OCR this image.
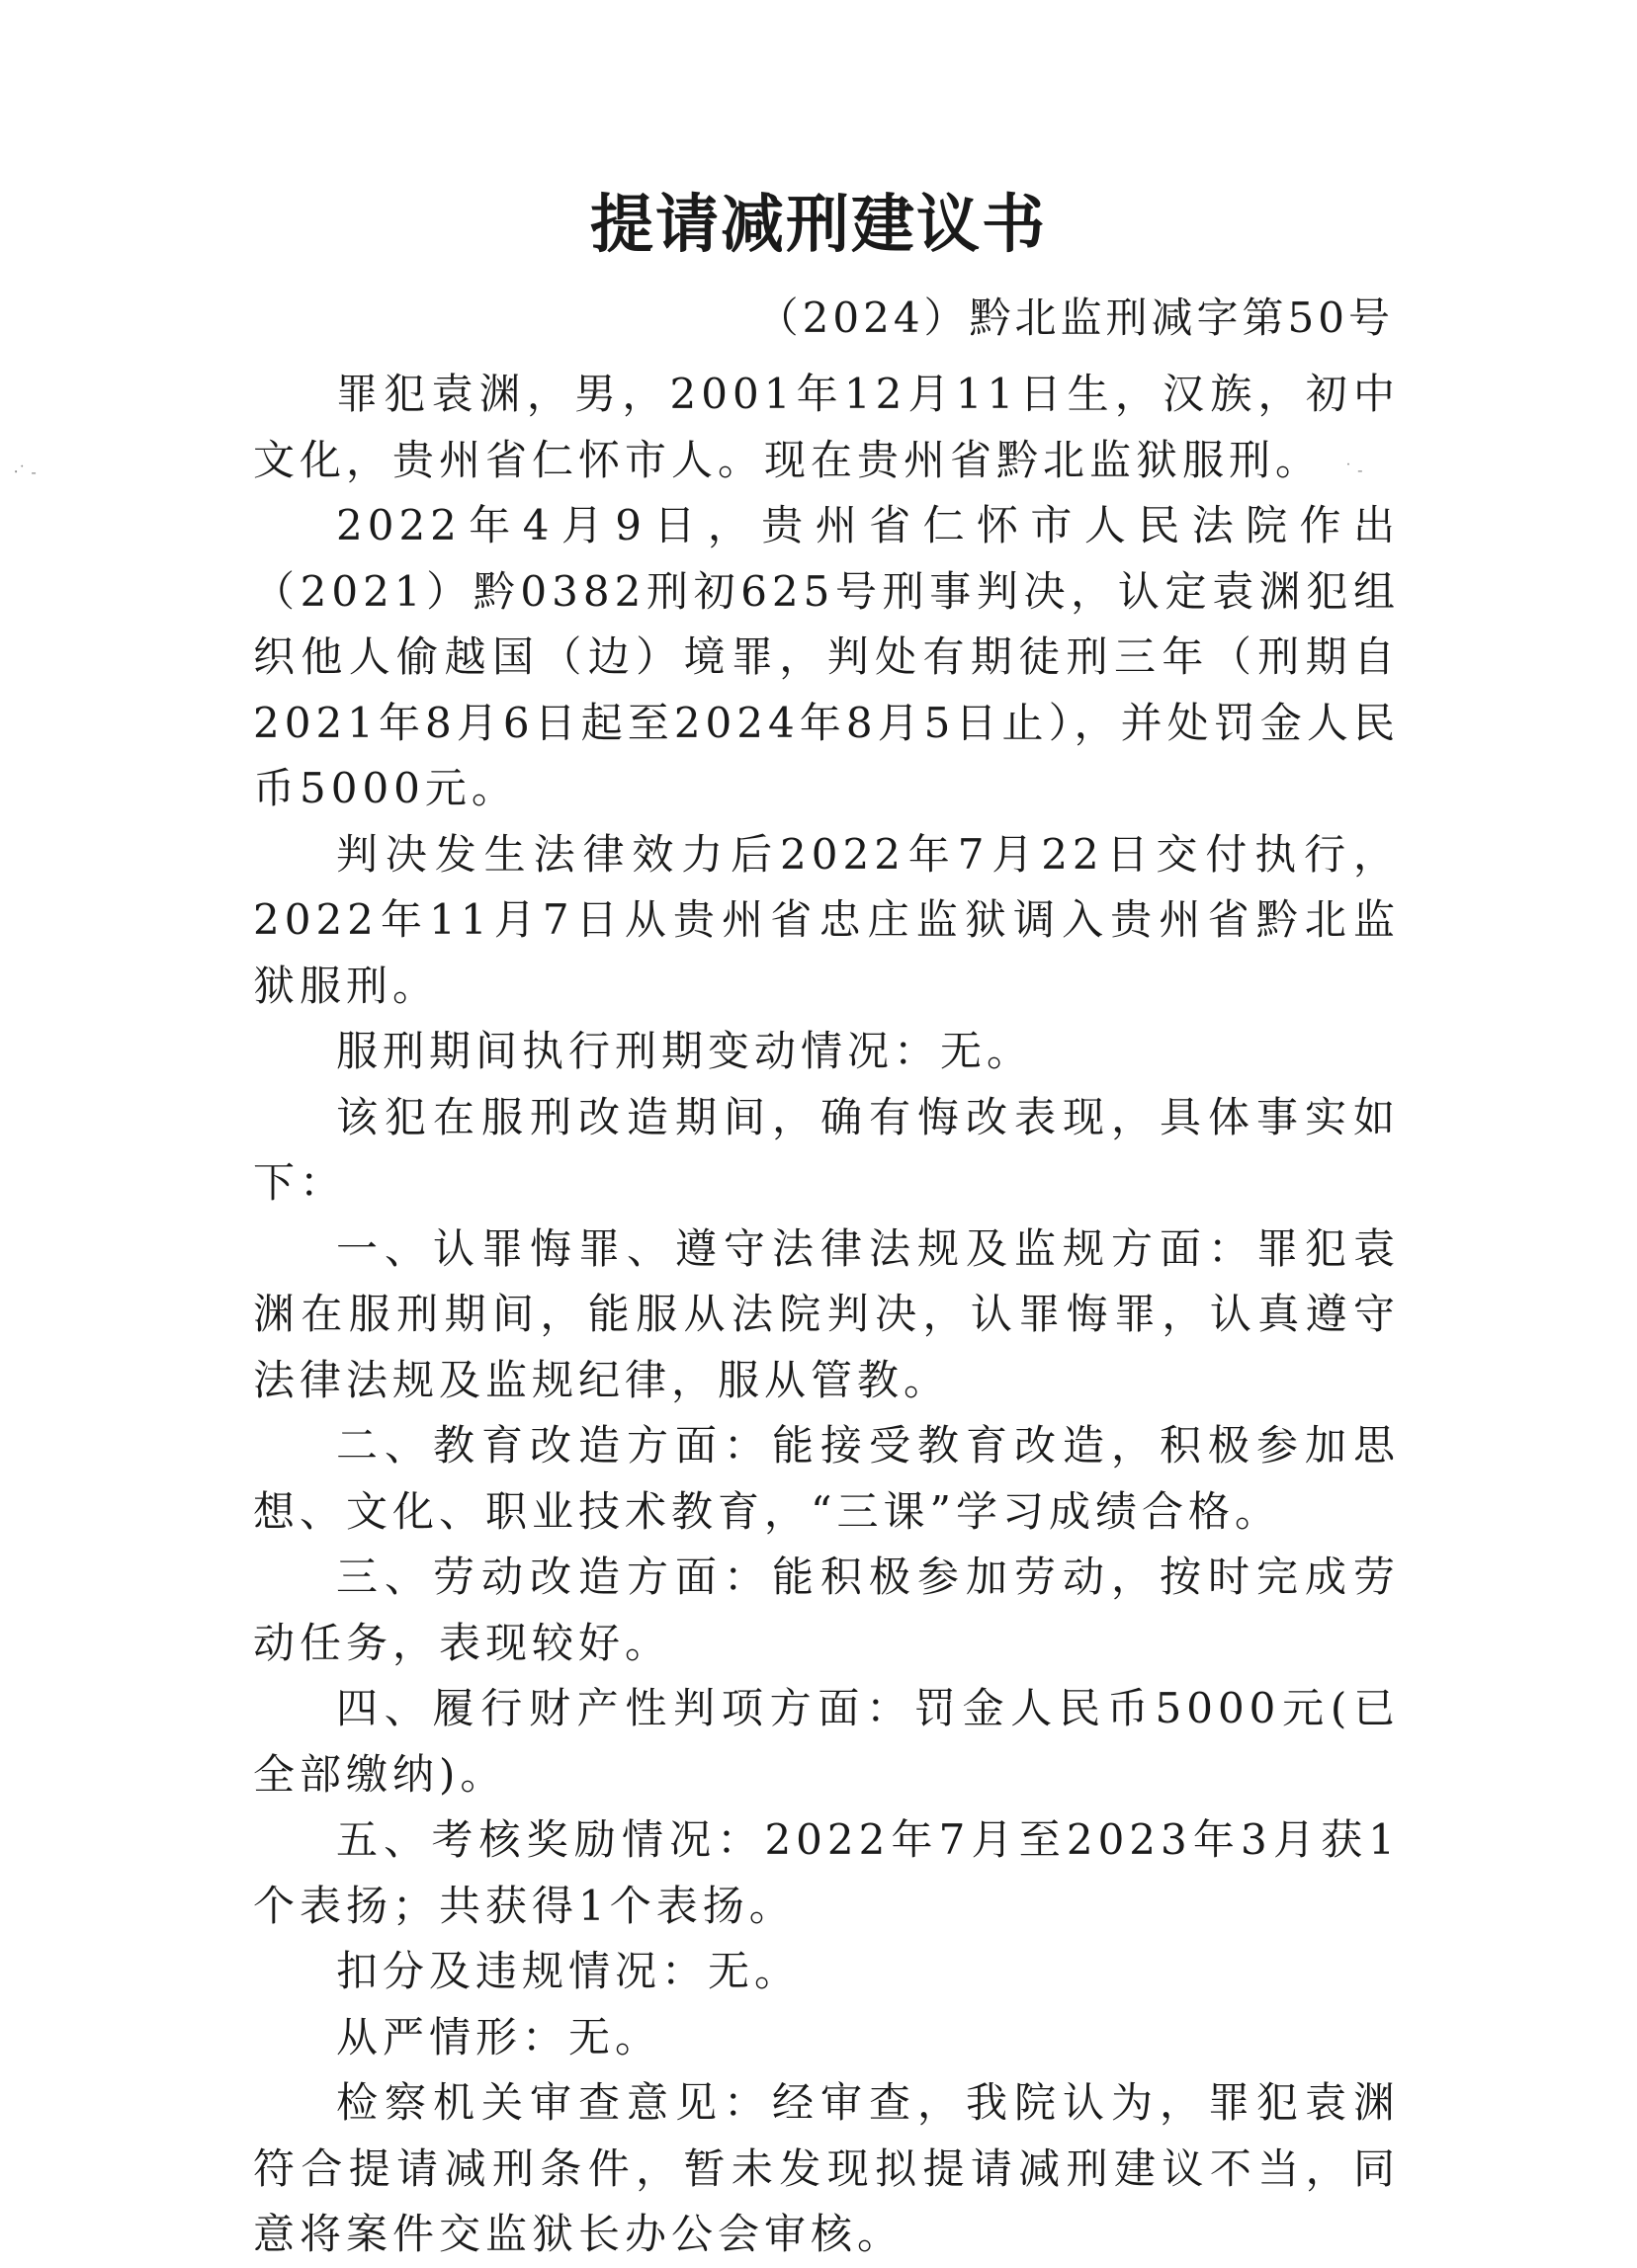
提请减刑建议书
（2024）黔北监刑减字第50号

罪犯袁渊，男，2001年12月11日生，汉族，初中文化，贵州省仁怀市人。现在贵州省黔北监狱服刑。

2022年4月9日，贵州省仁怀市人民法院作出（2021）黔0382刑初625号刑事判决，认定袁渊犯组织他人偷越国（边）境罪，判处有期徒刑三年（刑期自2021年8月6日起至2024年8月5日止），并处罚金人民币5000元。

判决发生法律效力后2022年7月22日交付执行，2022年11月7日从贵州省忠庄监狱调入贵州省黔北监狱服刑。

服刑期间执行刑期变动情况：无。

该犯在服刑改造期间，确有悔改表现，具体事实如下：

一、认罪悔罪、遵守法律法规及监规方面：罪犯袁渊在服刑期间，能服从法院判决，认罪悔罪，认真遵守法律法规及监规纪律，服从管教。

二、教育改造方面：能接受教育改造，积极参加思想、文化、职业技术教育，“三课”学习成绩合格。

三、劳动改造方面：能积极参加劳动，按时完成劳动任务，表现较好。

四、履行财产性判项方面：罚金人民币5000元(已全部缴纳)。

五、考核奖励情况：2022年7月至2023年3月获1个表扬；共获得1个表扬。

扣分及违规情况：无。

从严情形：无。

检察机关审查意见：经审查，我院认为，罪犯袁渊符合提请减刑条件，暂未发现拟提请减刑建议不当，同意将案件交监狱长办公会审核。

⸱˙ ‐	˙ ‐
